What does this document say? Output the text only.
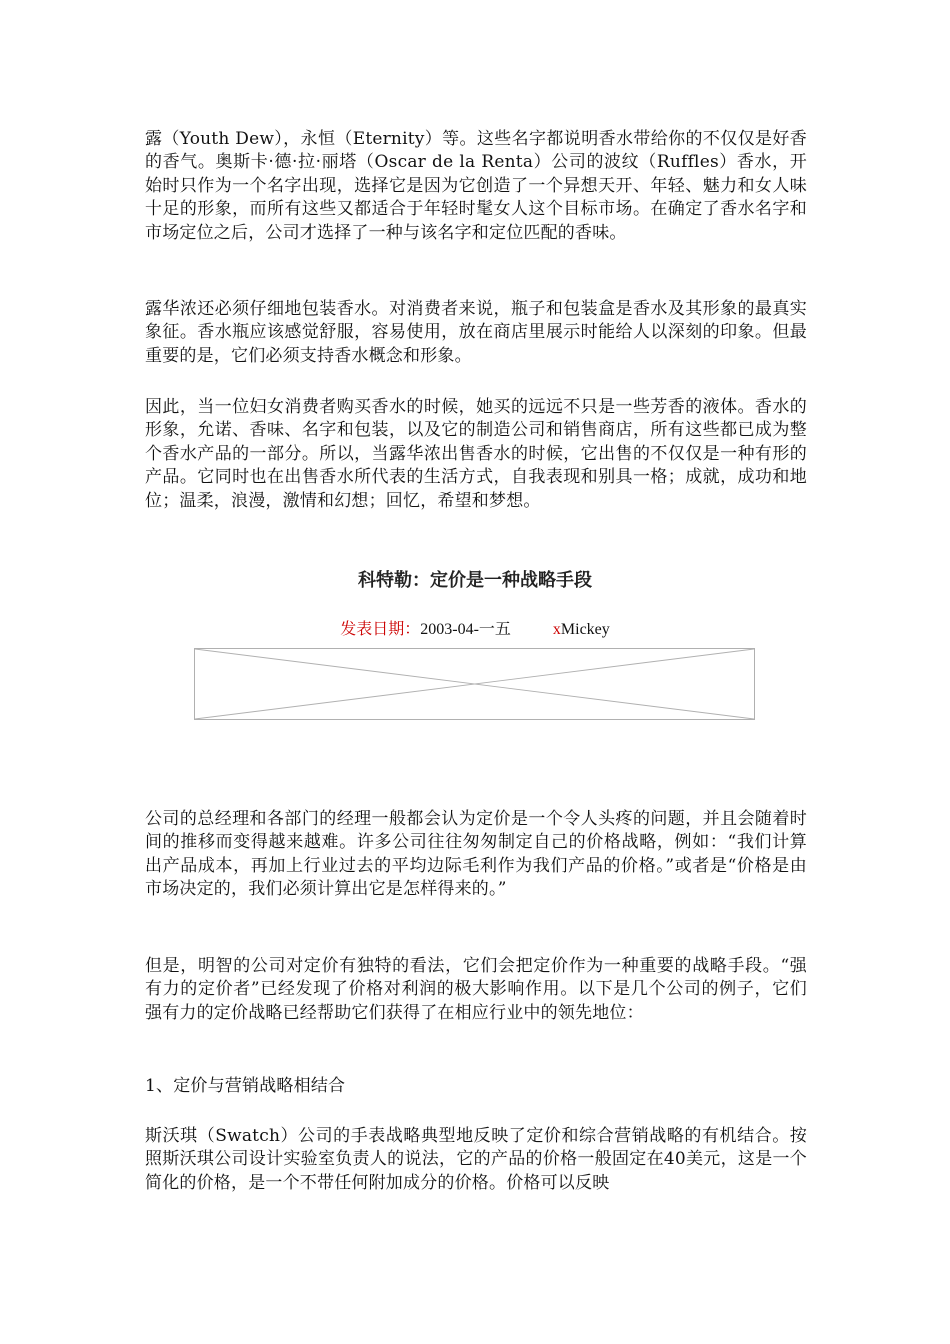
露（Youth Dew），永恒（Eternity）等。这些名字都说明香水带给你的不仅仅是好香的香气。奥斯卡·德·拉·丽塔（Oscar de la Renta）公司的波纹（Ruffles）香水，开始时只作为一个名字出现，选择它是因为它创造了一个异想天开、年轻、魅力和女人味十足的形象，而所有这些又都适合于年轻时髦女人这个目标市场。在确定了香水名字和市场定位之后，公司才选择了一种与该名字和定位匹配的香味。

露华浓还必须仔细地包装香水。对消费者来说，瓶子和包装盒是香水及其形象的最真实象征。香水瓶应该感觉舒服，容易使用，放在商店里展示时能给人以深刻的印象。但最重要的是，它们必须支持香水概念和形象。

因此，当一位妇女消费者购买香水的时候，她买的远远不只是一些芳香的液体。香水的形象，允诺、香味、名字和包装，以及它的制造公司和销售商店，所有这些都已成为整个香水产品的一部分。所以，当露华浓出售香水的时候，它出售的不仅仅是一种有形的产品。它同时也在出售香水所代表的生活方式，自我表现和别具一格；成就，成功和地位；温柔，浪漫，激情和幻想；回忆，希望和梦想。

科特勒：定价是一种战略手段
发表日期：2003-04-一五	xMickey

公司的总经理和各部门的经理一般都会认为定价是一个令人头疼的问题，并且会随着时间的推移而变得越来越难。许多公司往往匆匆制定自己的价格战略，例如：“我们计算出产品成本，再加上行业过去的平均边际毛利作为我们产品的价格。”或者是“价格是由市场决定的，我们必须计算出它是怎样得来的。”

但是，明智的公司对定价有独特的看法，它们会把定价作为一种重要的战略手段。“强有力的定价者”已经发现了价格对利润的极大影响作用。以下是几个公司的例子，它们强有力的定价战略已经帮助它们获得了在相应行业中的领先地位：

1、定价与营销战略相结合

斯沃琪（Swatch）公司的手表战略典型地反映了定价和综合营销战略的有机结合。按照斯沃琪公司设计实验室负责人的说法，它的产品的价格一般固定在40美元，这是一个简化的价格，是一个不带任何附加成分的价格。价格可以反映
